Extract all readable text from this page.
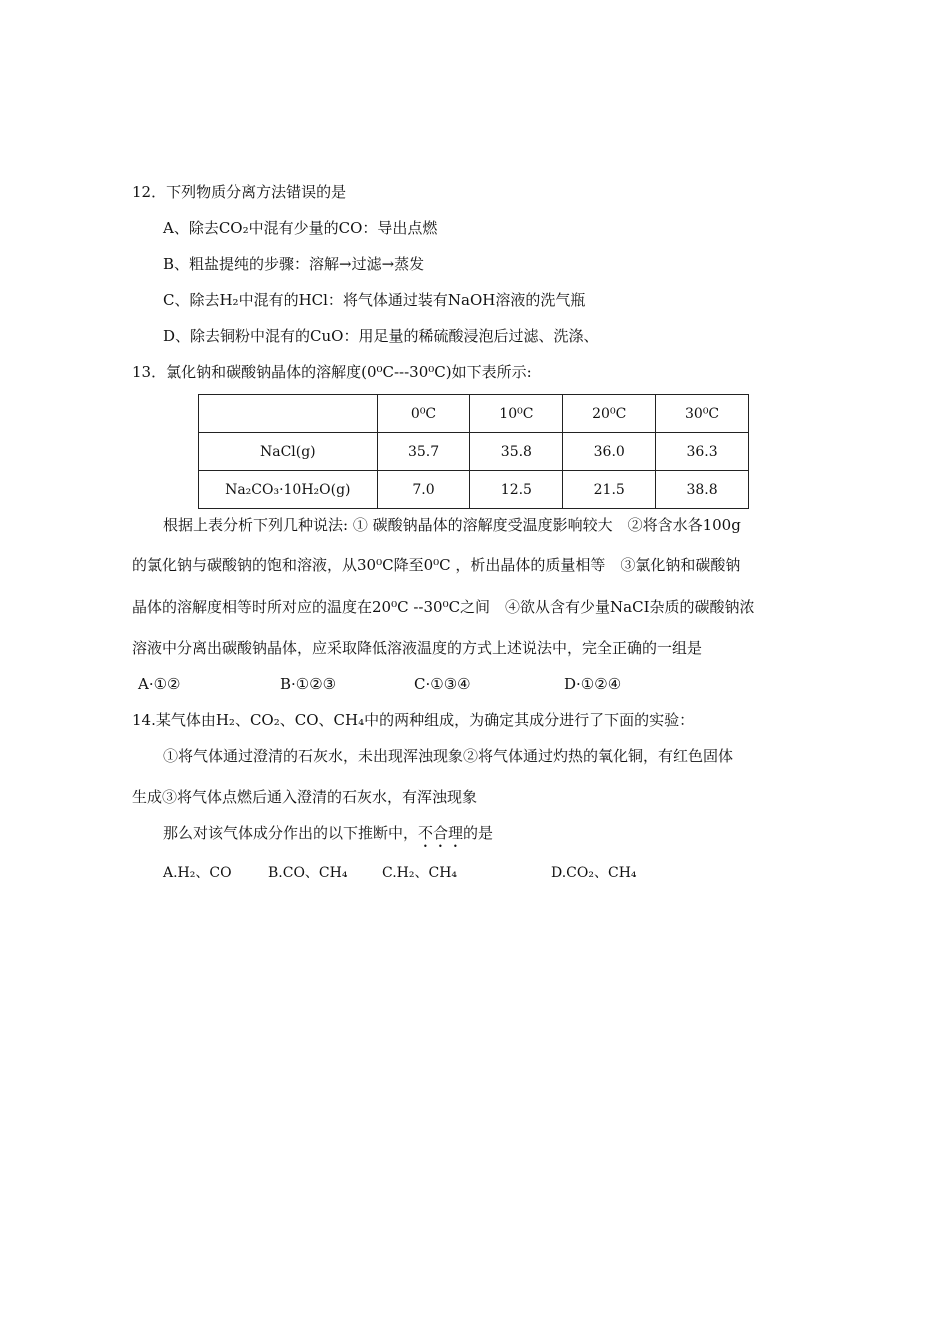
12．下列物质分离方法错误的是
A、除去CO₂中混有少量的CO：导出点燃
B、粗盐提纯的步骤：溶解→过滤→蒸发
C、除去H₂中混有的HCl：将气体通过装有NaOH溶液的洗气瓶
D、除去铜粉中混有的CuO：用足量的稀硫酸浸泡后过滤、洗涤、
13．氯化钠和碳酸钠晶体的溶解度(0⁰C---30⁰C)如下表所示:
	0⁰C	10⁰C	20⁰C	30⁰C
NaCl(g)	35.7	35.8	36.0	36.3
Na₂CO₃·10H₂O(g)	7.0	12.5	21.5	38.8
根据上表分析下列几种说法: ① 碳酸钠晶体的溶解度受温度影响较大　②将含水各100g
的氯化钠与碳酸钠的饱和溶液，从30⁰C降至0⁰C ，析出晶体的质量相等　③氯化钠和碳酸钠
晶体的溶解度相等时所对应的温度在20⁰C --30⁰C之间　④欲从含有少量NaCI杂质的碳酸钠浓
溶液中分离出碳酸钠晶体，应采取降低溶液温度的方式上述说法中，完全正确的一组是
A·①②	B·①②③	C·①③④	D·①②④
14.某气体由H₂、CO₂、CO、CH₄中的两种组成，为确定其成分进行了下面的实验：
①将气体通过澄清的石灰水，未出现浑浊现象②将气体通过灼热的氧化铜，有红色固体
生成③将气体点燃后通入澄清的石灰水，有浑浊现象
那么对该气体成分作出的以下推断中，不合理的是
A.H₂、CO	B.CO、CH₄ C.H₂、CH₄	D.CO₂、CH₄
